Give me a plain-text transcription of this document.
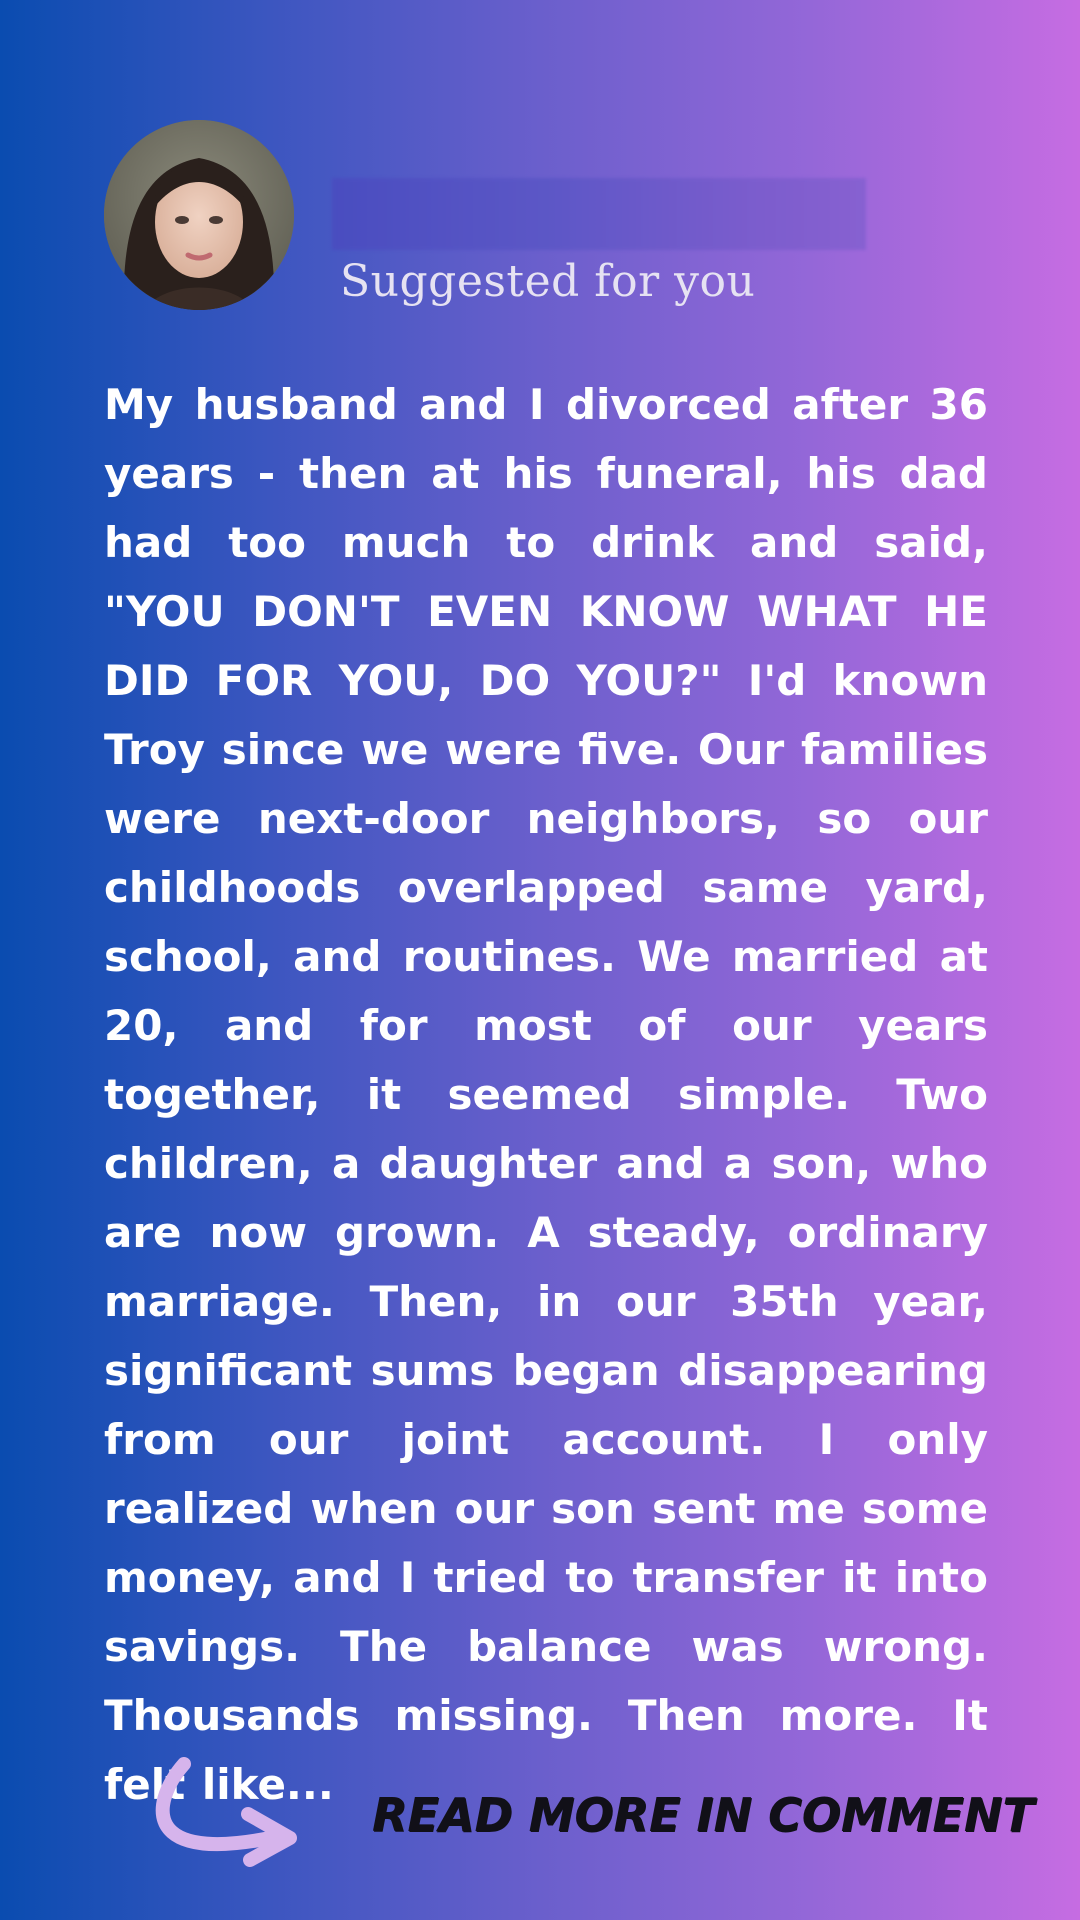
Suggested for you

My husband and I divorced after 36 years - then at his funeral, his dad had too much to drink and said, "YOU DON'T EVEN KNOW WHAT HE DID FOR YOU, DO YOU?" I'd known Troy since we were five. Our families were next-door neighbors, so our childhoods overlapped same yard, school, and routines. We married at 20, and for most of our years together, it seemed simple. Two children, a daughter and a son, who are now grown. A steady, ordinary marriage. Then, in our 35th year, significant sums began disappearing from our joint account. I only realized when our son sent me some money, and I tried to transfer it into savings. The balance was wrong. Thousands missing. Then more. It felt like...

READ MORE IN COMMENT
